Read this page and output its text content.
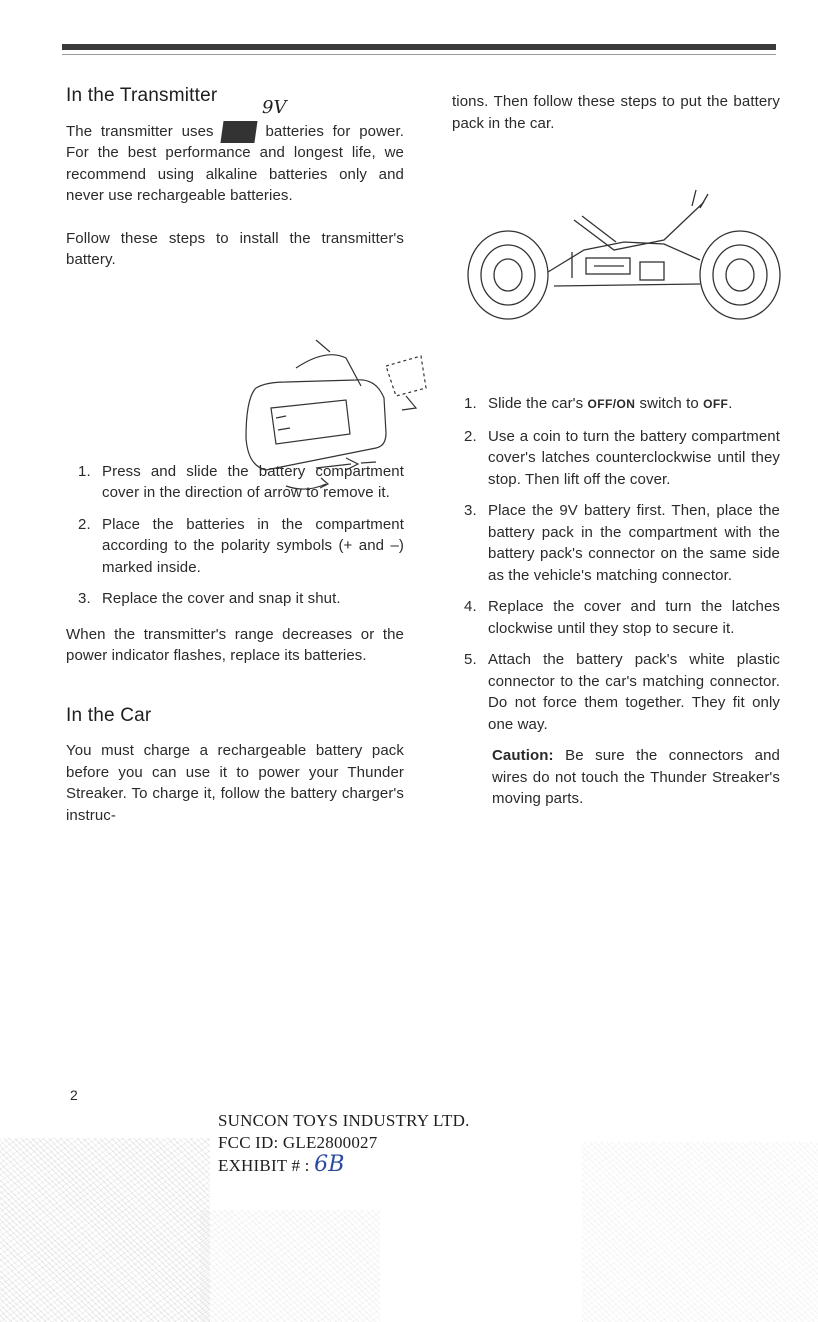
In the Transmitter
9V

The transmitter uses AAA batteries for power. For the best performance and longest life, we recommend using alkaline batteries only and never use rechargeable batteries.

Follow these steps to install the transmitter's battery.

1. Press and slide the battery compartment cover in the direction of arrow to remove it.
2. Place the batteries in the compartment according to the polarity symbols (+ and –) marked inside.
3. Replace the cover and snap it shut.

When the transmitter's range decreases or the power indicator flashes, replace its batteries.

In the Car

You must charge a rechargeable battery pack before you can use it to power your Thunder Streaker. To charge it, follow the battery charger's instruc-

tions. Then follow these steps to put the battery pack in the car.

1. Slide the car's OFF/ON switch to OFF.
2. Use a coin to turn the battery compartment cover's latches counterclockwise until they stop. Then lift off the cover.
3. Place the 9V battery first. Then, place the battery pack in the compartment with the battery pack's connector on the same side as the vehicle's matching connector.
4. Replace the cover and turn the latches clockwise until they stop to secure it.
5. Attach the battery pack's white plastic connector to the car's matching connector. Do not force them together. They fit only one way.

Caution: Be sure the connectors and wires do not touch the Thunder Streaker's moving parts.

2
SUNCON TOYS INDUSTRY LTD.
FCC ID: GLE2800027
EXHIBIT # : 6B
